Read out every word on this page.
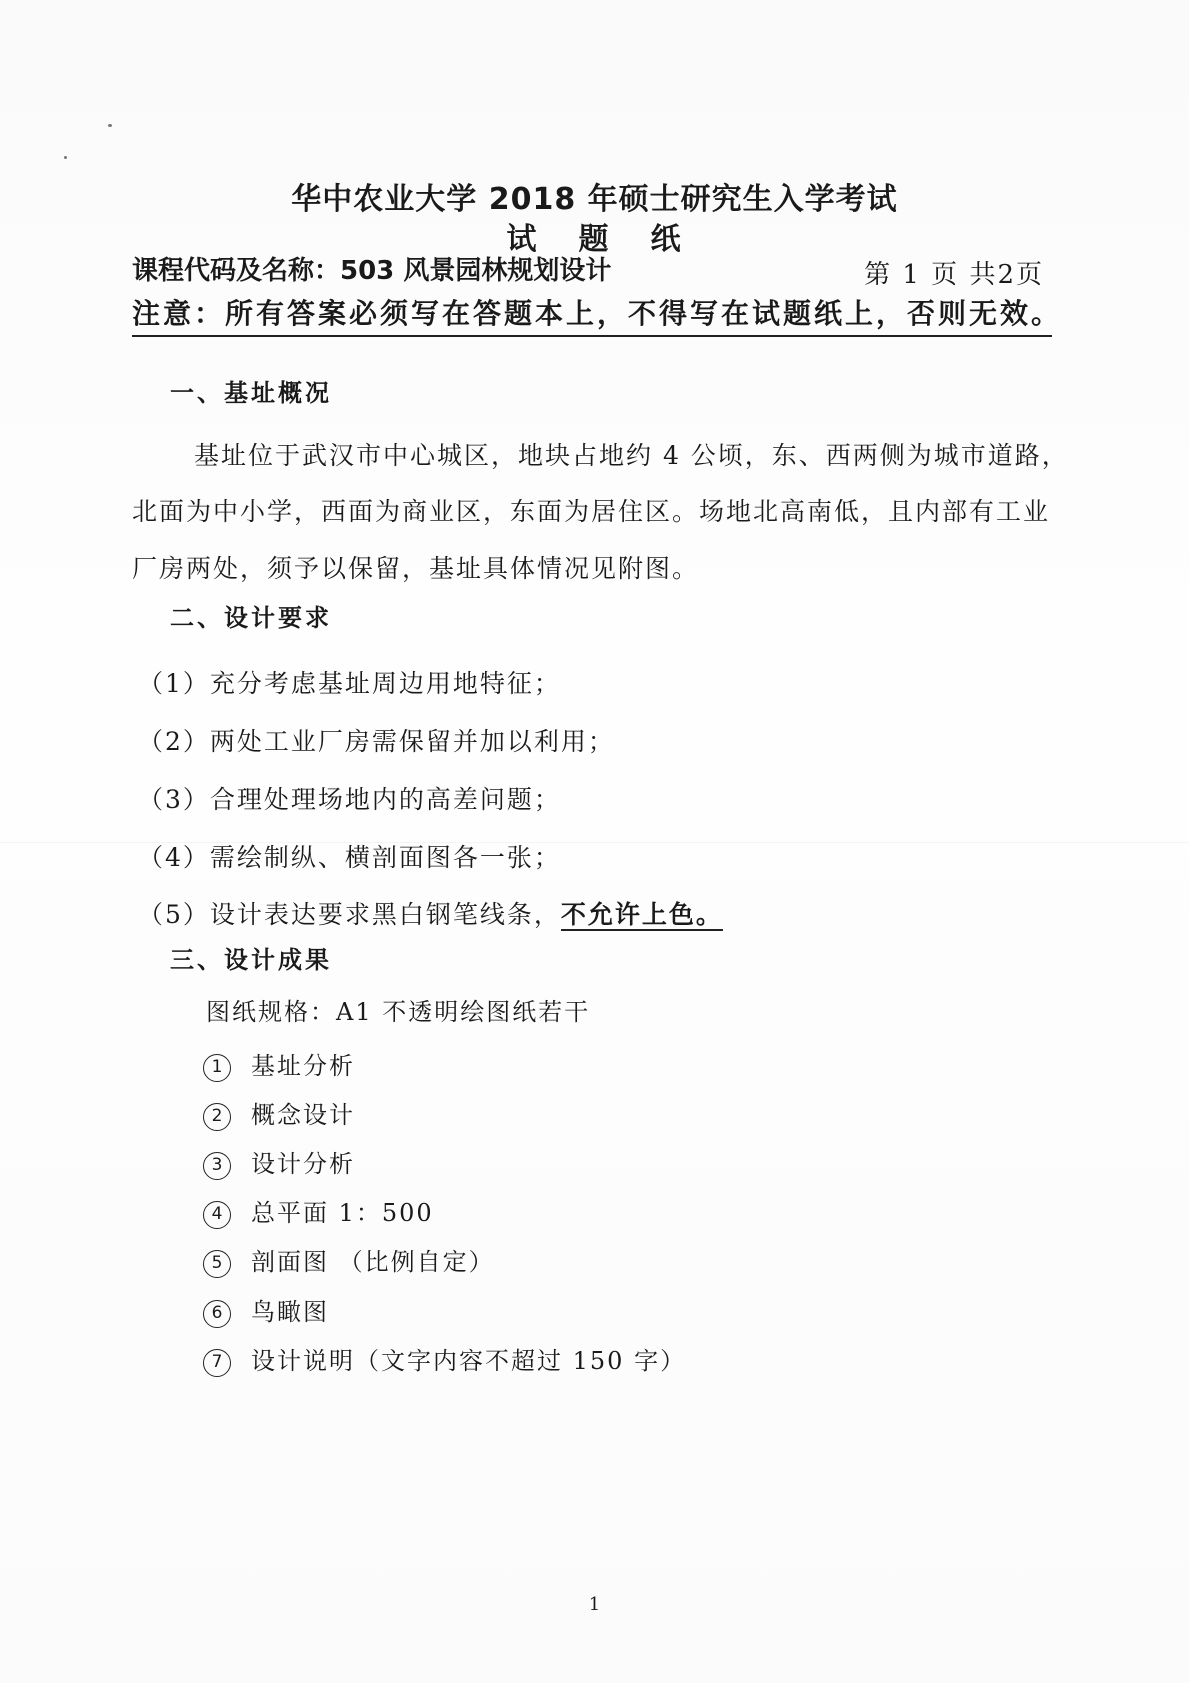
华中农业大学 2018 年硕士研究生入学考试
试题纸
课程代码及名称：503 风景园林规划设计	第 1 页 共2页
注意：所有答案必须写在答题本上，不得写在试题纸上，否则无效。
一、基址概况
基址位于武汉市中心城区，地块占地约 4 公顷，东、西两侧为城市道路，
北面为中小学，西面为商业区，东面为居住区。场地北高南低，且内部有工业
厂房两处，须予以保留，基址具体情况见附图。
二、设计要求
（1）充分考虑基址周边用地特征；
（2）两处工业厂房需保留并加以利用；
（3）合理处理场地内的高差问题；
（4）需绘制纵、横剖面图各一张；
（5）设计表达要求黑白钢笔线条，不允许上色。
三、设计成果
图纸规格：A1 不透明绘图纸若干
1 基址分析
2 概念设计
3 设计分析
4 总平面 1：500
5 剖面图 （比例自定）
6 鸟瞰图
7 设计说明（文字内容不超过 150 字）
1
